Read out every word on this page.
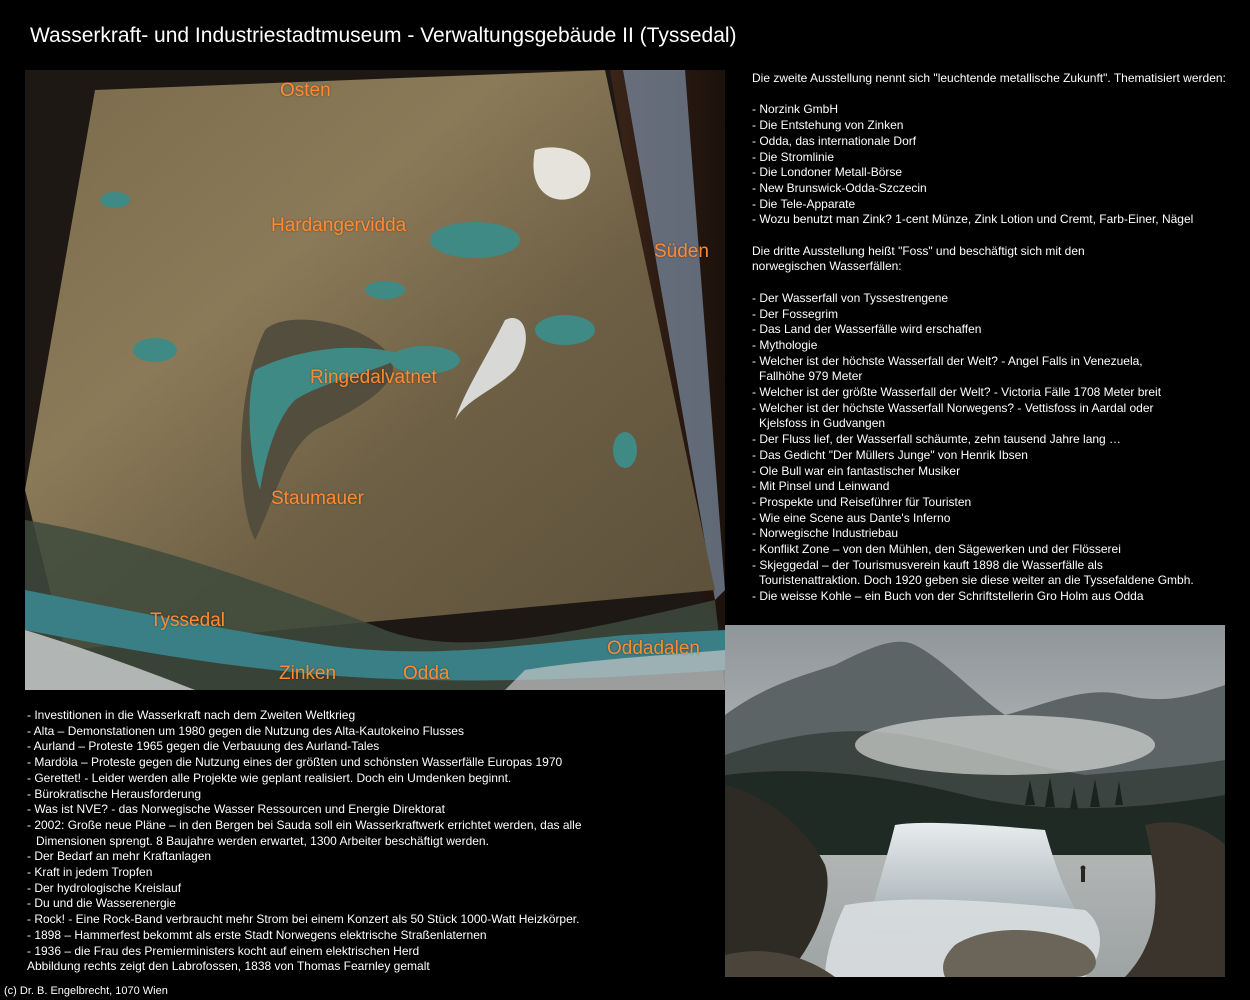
Wasserkraft- und Industriestadtmuseum - Verwaltungsgebäude II (Tyssedal)
Osten
Hardangervidda
Süden
Ringedalvatnet
Staumauer
Tyssedal
Oddadalen
Zinken	Odda
Die zweite Ausstellung nennt sich "leuchtende metallische Zukunft". Thematisiert werden:
- Norzink GmbH
- Die Entstehung von Zinken
- Odda, das internationale Dorf
- Die Stromlinie
- Die Londoner Metall-Börse
- New Brunswick-Odda-Szczecin
- Die Tele-Apparate
- Wozu benutzt man Zink? 1-cent Münze, Zink Lotion und Cremt, Farb-Einer, Nägel
Die dritte Ausstellung heißt "Foss" und beschäftigt sich mit den
norwegischen Wasserfällen:
- Der Wasserfall von Tyssestrengene
- Der Fossegrim
- Das Land der Wasserfälle wird erschaffen
- Mythologie
- Welcher ist der höchste Wasserfall der Welt? - Angel Falls in Venezuela,
Fallhöhe 979 Meter
- Welcher ist der größte Wasserfall der Welt? - Victoria Fälle 1708 Meter breit
- Welcher ist der höchste Wasserfall Norwegens? - Vettisfoss in Aardal oder
Kjelsfoss in Gudvangen
- Der Fluss lief, der Wasserfall schäumte, zehn tausend Jahre lang …
- Das Gedicht "Der Müllers Junge" von Henrik Ibsen
- Ole Bull war ein fantastischer Musiker
- Mit Pinsel und Leinwand
- Prospekte und Reiseführer für Touristen
- Wie eine Scene aus Dante's Inferno
- Norwegische Industriebau
- Konflikt Zone – von den Mühlen, den Sägewerken und der Flösserei
- Skjeggedal – der Tourismusverein kauft 1898 die Wasserfälle als
Touristenattraktion. Doch 1920 geben sie diese weiter an die Tyssefaldene Gmbh.
- Die weisse Kohle – ein Buch von der Schriftstellerin Gro Holm aus Odda
- Investitionen in die Wasserkraft nach dem Zweiten Weltkrieg
- Alta – Demonstationen um 1980 gegen die Nutzung des Alta-Kautokeino Flusses
- Aurland – Proteste 1965 gegen die Verbauung des Aurland-Tales
- Mardöla – Proteste gegen die Nutzung eines der größten und schönsten Wasserfälle Europas 1970
- Gerettet! - Leider werden alle Projekte wie geplant realisiert. Doch ein Umdenken beginnt.
- Bürokratische Herausforderung
- Was ist NVE? - das Norwegische Wasser Ressourcen und Energie Direktorat
- 2002: Große neue Pläne – in den Bergen bei Sauda soll ein Wasserkraftwerk errichtet werden, das alle
Dimensionen sprengt. 8 Baujahre werden erwartet, 1300 Arbeiter beschäftigt werden.
- Der Bedarf an mehr Kraftanlagen
- Kraft in jedem Tropfen
- Der hydrologische Kreislauf
- Du und die Wasserenergie
- Rock! - Eine Rock-Band verbraucht mehr Strom bei einem Konzert als 50 Stück 1000-Watt Heizkörper.
- 1898 – Hammerfest bekommt als erste Stadt Norwegens elektrische Straßenlaternen
- 1936 – die Frau des Premierministers kocht auf einem elektrischen Herd
Abbildung rechts zeigt den Labrofossen, 1838 von Thomas Fearnley gemalt
(c) Dr. B. Engelbrecht, 1070 Wien
